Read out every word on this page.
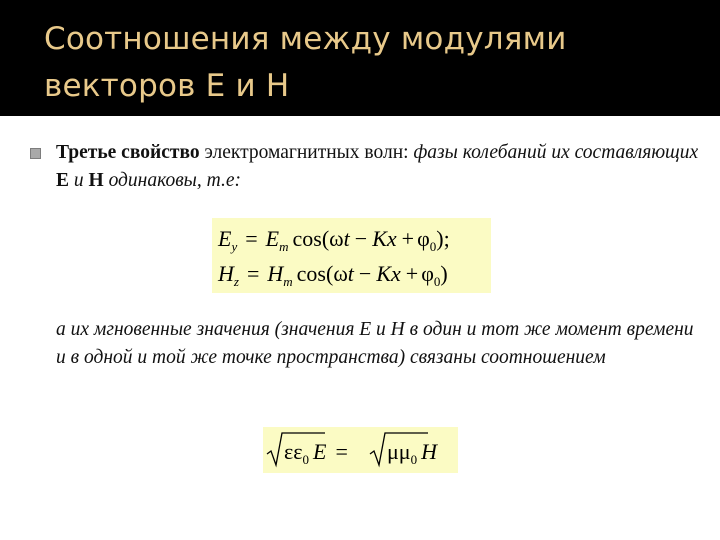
Соотношения между модулями
векторов Е и Н
Третье свойство электромагнитных волн: фазы колебаний их составляющих Е и Н одинаковы, т.е:
$E_y = E_m$ $\cos(\omega t - Kx + \varphi_0)$;
$H_z = H_m$ $\cos(\omega t - Kx + \varphi_0)$
а их мгновенные значения (значения Е и Н в один и тот же момент времени и в одной и той же точке пространства) связаны соотношением
$\varepsilon\varepsilon_0$ $E = \mu\mu_0$ H
